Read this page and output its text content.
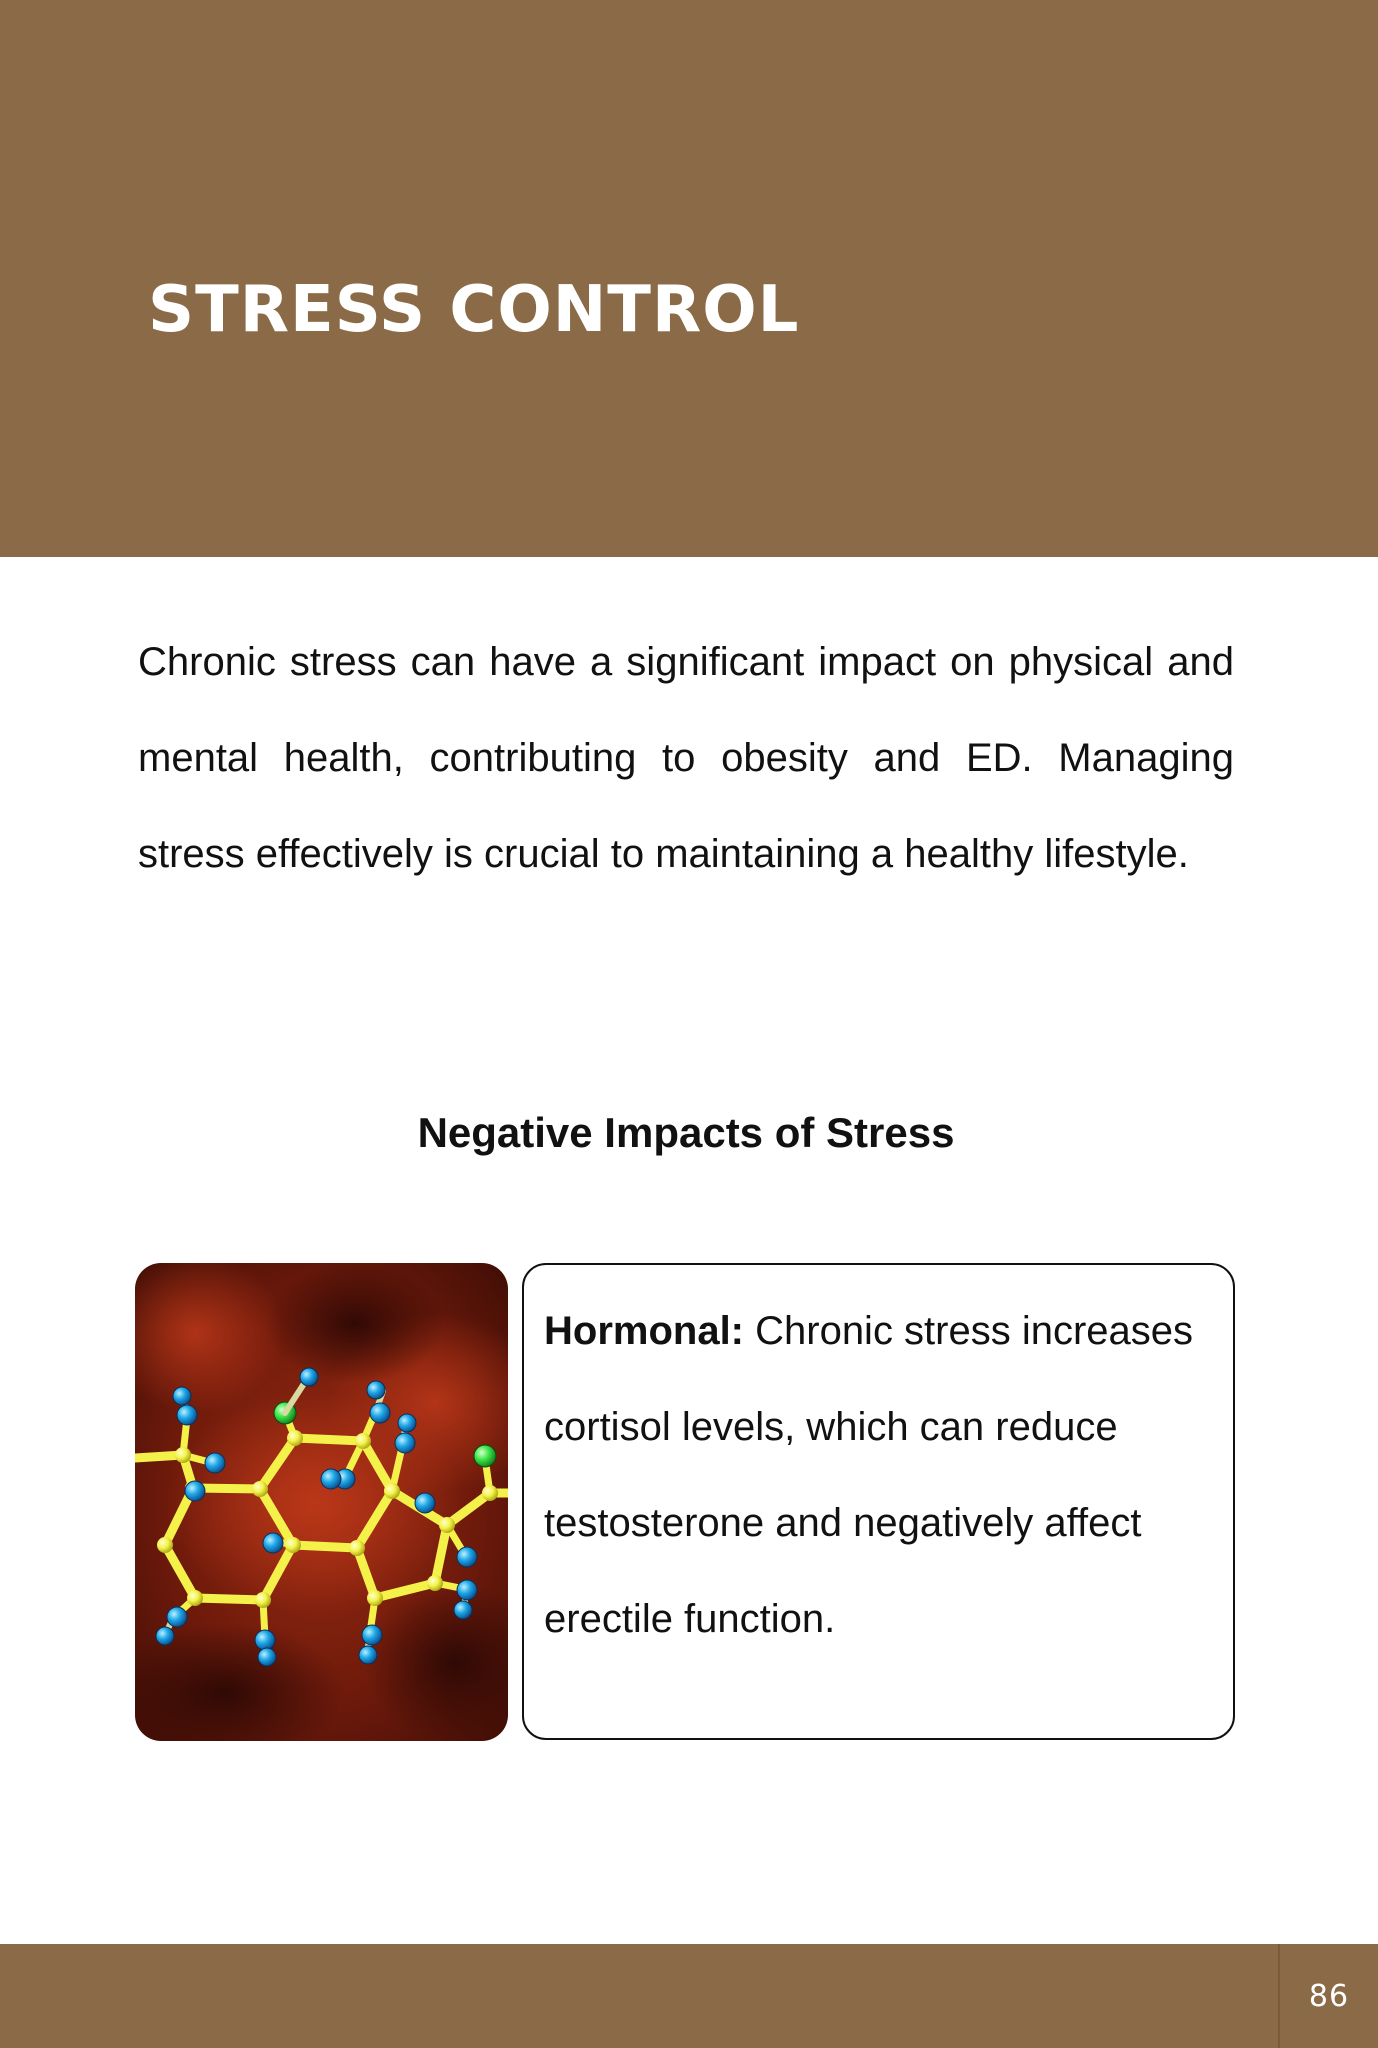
STRESS CONTROL

Chronic stress can have a significant impact on physical and mental health, contributing to obesity and ED. Managing stress effectively is crucial to maintaining a healthy lifestyle.

Negative Impacts of Stress

Hormonal: Chronic stress increases cortisol levels, which can reduce testosterone and negatively affect erectile function.

86
